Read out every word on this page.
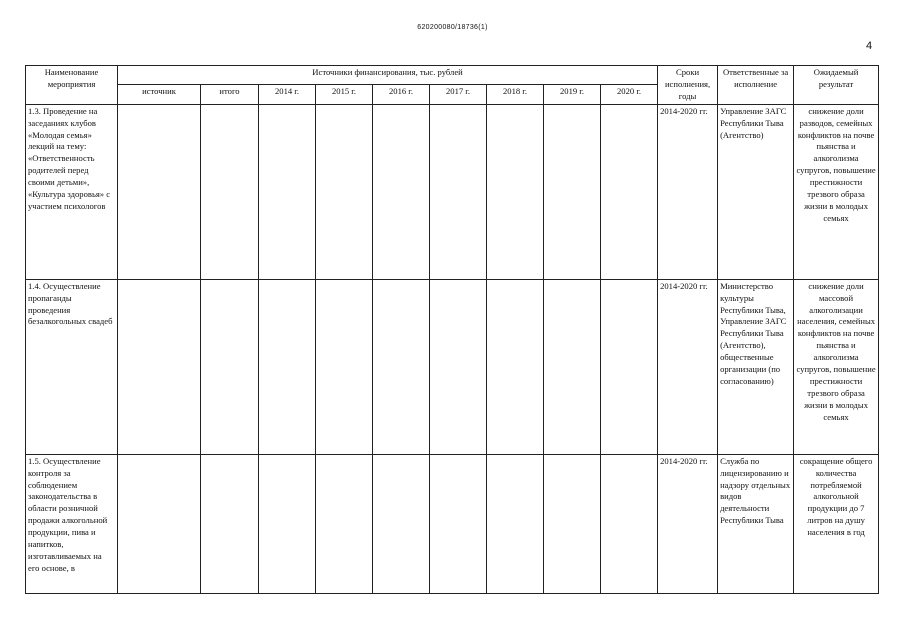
620200080/18736(1)
4
Наименование мероприятия	Источники финансирования, тыс. рублей									Сроки исполнения, годы	Ответственные за исполнение	Ожидаемый результат
	источник	итого	2014 г.	2015 г.	2016 г.	2017 г.	2018 г.	2019 г.	2020 г.			
1.3. Проведение на заседаниях клубов «Молодая семья» лекций на тему: «Ответственность родителей перед своими детьми», «Культура здоровья» с участием психологов										2014-2020 гг.	Управление ЗАГС Республики Тыва (Агентство)	снижение доли разводов, семейных конфликтов на почве пьянства и алкоголизма супругов, повышение престижности трезвого образа жизни в молодых семьях
1.4. Осуществление пропаганды проведения безалкогольных свадеб										2014-2020 гг.	Министерство культуры Республики Тыва, Управление ЗАГС Республики Тыва (Агентство), общественные организации (по согласованию)	снижение доли массовой алкоголизации населения, семейных конфликтов на почве пьянства и алкоголизма супругов, повышение престижности трезвого образа жизни в молодых семьях
1.5. Осуществление контроля за соблюдением законодательства в области розничной продажи алкогольной продукции, пива и напитков, изготавливаемых на его основе, в										2014-2020 гг.	Служба по лицензированию и надзору отдельных видов деятельности Республики Тыва	сокращение общего количества потребляемой алкогольной продукции до 7 литров на душу населения в год
